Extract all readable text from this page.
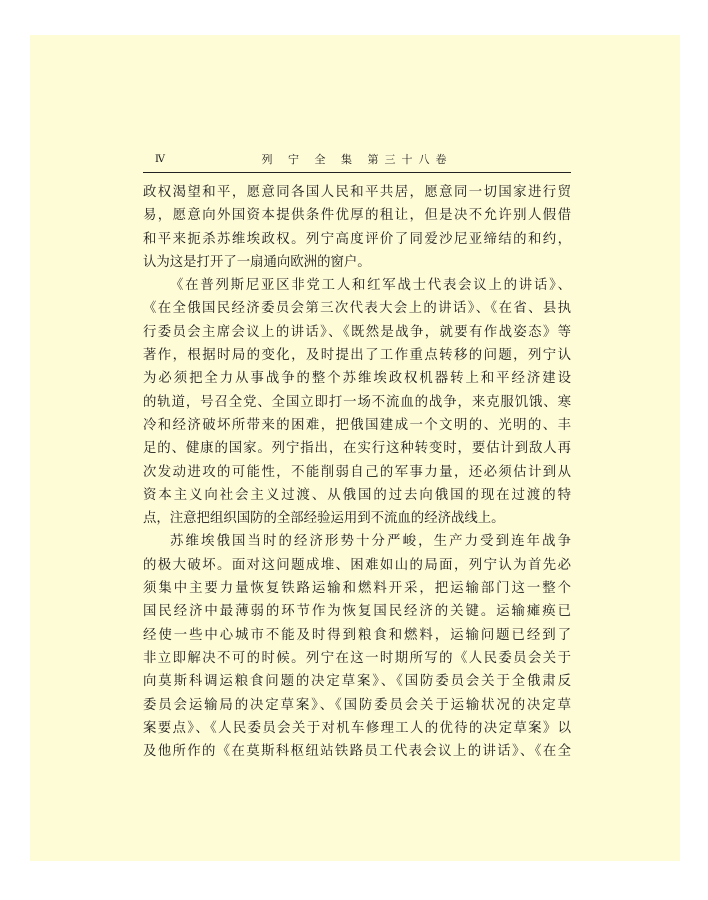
Ⅳ	列 宁 全 集 第三十八卷
政权渴望和平，愿意同各国人民和平共居，愿意同一切国家进行贸
易，愿意向外国资本提供条件优厚的租让，但是决不允许别人假借
和平来扼杀苏维埃政权。列宁高度评价了同爱沙尼亚缔结的和约，
认为这是打开了一扇通向欧洲的窗户。
《在普列斯尼亚区非党工人和红军战士代表会议上的讲话》、
《在全俄国民经济委员会第三次代表大会上的讲话》、《在省、县执
行委员会主席会议上的讲话》、《既然是战争，就要有作战姿态》等
著作，根据时局的变化，及时提出了工作重点转移的问题，列宁认
为必须把全力从事战争的整个苏维埃政权机器转上和平经济建设
的轨道，号召全党、全国立即打一场不流血的战争，来克服饥饿、寒
冷和经济破坏所带来的困难，把俄国建成一个文明的、光明的、丰
足的、健康的国家。列宁指出，在实行这种转变时，要估计到敌人再
次发动进攻的可能性，不能削弱自己的军事力量，还必须估计到从
资本主义向社会主义过渡、从俄国的过去向俄国的现在过渡的特
点，注意把组织国防的全部经验运用到不流血的经济战线上。
苏维埃俄国当时的经济形势十分严峻，生产力受到连年战争
的极大破坏。面对这问题成堆、困难如山的局面，列宁认为首先必
须集中主要力量恢复铁路运输和燃料开采，把运输部门这一整个
国民经济中最薄弱的环节作为恢复国民经济的关键。运输瘫痪已
经使一些中心城市不能及时得到粮食和燃料，运输问题已经到了
非立即解决不可的时候。列宁在这一时期所写的《人民委员会关于
向莫斯科调运粮食问题的决定草案》、《国防委员会关于全俄肃反
委员会运输局的决定草案》、《国防委员会关于运输状况的决定草
案要点》、《人民委员会关于对机车修理工人的优待的决定草案》以
及他所作的《在莫斯科枢纽站铁路员工代表会议上的讲话》、《在全
